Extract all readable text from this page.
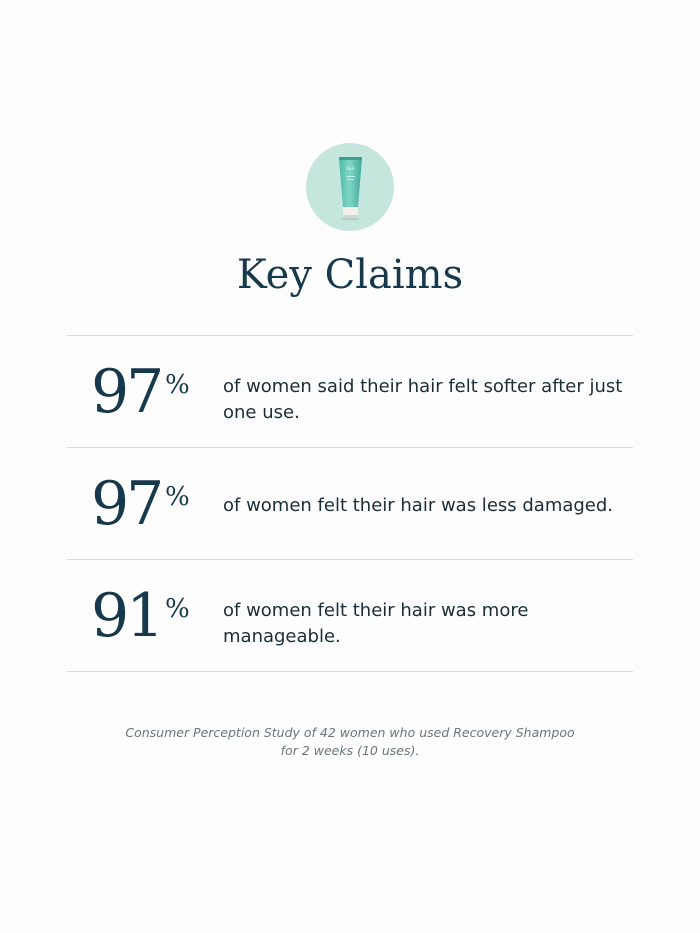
ISLE
Key Claims
97 % of women said their hair felt softer after just one use.

97 % of women felt their hair was less damaged.

91 % of women felt their hair was more manageable.

Consumer Perception Study of 42 women who used Recovery Shampoo
for 2 weeks (10 uses).
